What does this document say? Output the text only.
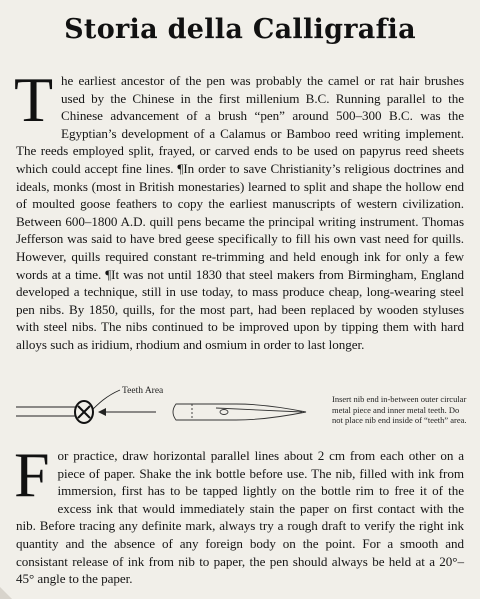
Storia della Calligrafia
The earliest ancestor of the pen was probably the camel or rat hair brushes used by the Chinese in the first millenium B.C. Running parallel to the Chinese advancement of a brush “pen” around 500–300 B.C. was the Egyptian’s development of a Calamus or Bamboo reed writing implement. The reeds employed split, frayed, or carved ends to be used on papyrus reed sheets which could accept fine lines. ¶In order to save Christianity’s religious doctrines and ideals, monks (most in British monestaries) learned to split and shape the hollow end of moulted goose feathers to copy the earliest manuscripts of western civilization. Between 600–1800 A.D. quill pens became the principal writing instrument. Thomas Jefferson was said to have bred geese specifically to fill his own vast need for quills. However, quills required constant re-trimming and held enough ink for only a few words at a time. ¶It was not until 1830 that steel makers from Birmingham, England developed a technique, still in use today, to mass produce cheap, long-wearing steel pen nibs. By 1850, quills, for the most part, had been replaced by wooden styluses with steel nibs. The nibs continued to be improved upon by tipping them with hard alloys such as iridium, rhodium and osmium in order to last longer.
Teeth Area
Insert nib end in-between outer circular metal piece and inner metal teeth. Do not place nib end inside of “teeth” area.
For practice, draw horizontal parallel lines about 2 cm from each other on a piece of paper. Shake the ink bottle before use. The nib, filled with ink from immersion, first has to be tapped lightly on the bottle rim to free it of the excess ink that would immediately stain the paper on first contact with the nib. Before tracing any definite mark, always try a rough draft to verify the right ink quantity and the absence of any foreign body on the point. For a smooth and consistant release of ink from nib to paper, the pen should always be held at a 20°– 45° angle to the paper.
